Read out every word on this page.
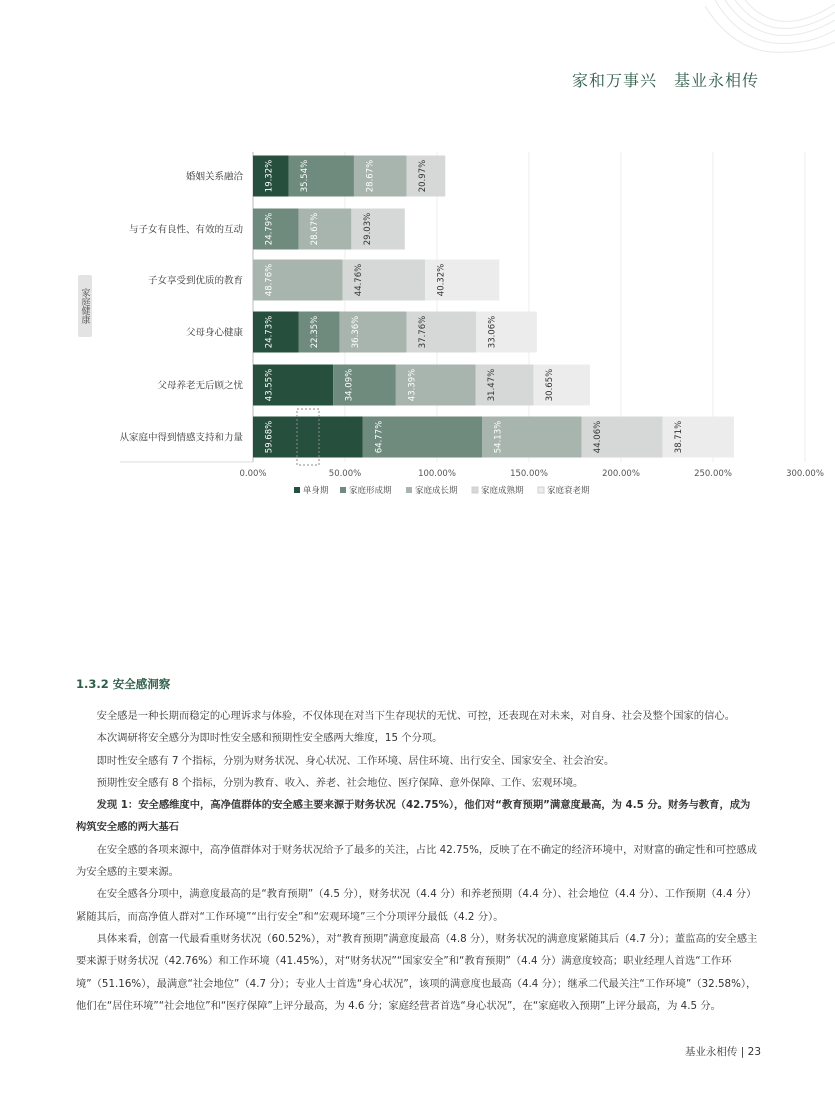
家和万事兴　基业永相传
0.00%	50.00%	100.00%	150.00%	200.00%	250.00%	300.00%
婚姻关系融洽	19.32%	35.54%	28.67%	20.97%
与子女有良性、有效的互动	24.79%	28.67%	29.03%
子女享受到优质的教育	48.76%	44.76%	40.32%
父母身心健康	24.73%	22.35%	36.36%	37.76%	33.06%
父母养老无后顾之忧	43.55%	34.09%	43.39%	31.47%	30.65%
从家庭中得到情感支持和力量	59.68%	64.77%	54.13%	44.06%	38.71%
单身期 家庭形成期	家庭成长期	家庭成熟期	家庭衰老期
家庭健康
1.3.2 安全感洞察

安全感是一种长期而稳定的心理诉求与体验，不仅体现在对当下生存现状的无忧、可控，还表现在对未来，对自身、社会及整个国家的信心。

本次调研将安全感分为即时性安全感和预期性安全感两大维度，15 个分项。

即时性安全感有 7 个指标，分别为财务状况、身心状况、工作环境、居住环境、出行安全、国家安全、社会治安。

预期性安全感有 8 个指标，分别为教育、收入、养老、社会地位、医疗保障、意外保障、工作、宏观环境。

发现 1：安全感维度中，高净值群体的安全感主要来源于财务状况（42.75%），他们对“教育预期”满意度最高，为 4.5 分。财务与教育，成为构筑安全感的两大基石

在安全感的各项来源中，高净值群体对于财务状况给予了最多的关注，占比 42.75%，反映了在不确定的经济环境中，对财富的确定性和可控感成为安全感的主要来源。

在安全感各分项中，满意度最高的是“教育预期”（4.5 分），财务状况（4.4 分）和养老预期（4.4 分）、社会地位（4.4 分）、工作预期（4.4 分）紧随其后，而高净值人群对“工作环境”“出行安全”和“宏观环境”三个分项评分最低（4.2 分）。

具体来看，创富一代最看重财务状况（60.52%），对“教育预期”满意度最高（4.8 分），财务状况的满意度紧随其后（4.7 分）；董监高的安全感主要来源于财务状况（42.76%）和工作环境（41.45%），对“财务状况”“国家安全”和“教育预期”（4.4 分）满意度较高；职业经理人首选“工作环境”（51.16%），最满意“社会地位”（4.7 分）；专业人士首选“身心状况”，该项的满意度也最高（4.4 分）；继承二代最关注“工作环境”（32.58%），他们在“居住环境”“社会地位”和“医疗保障”上评分最高，为 4.6 分；家庭经营者首选“身心状况”，在“家庭收入预期”上评分最高，为 4.5 分。

基业永相传 | 23
